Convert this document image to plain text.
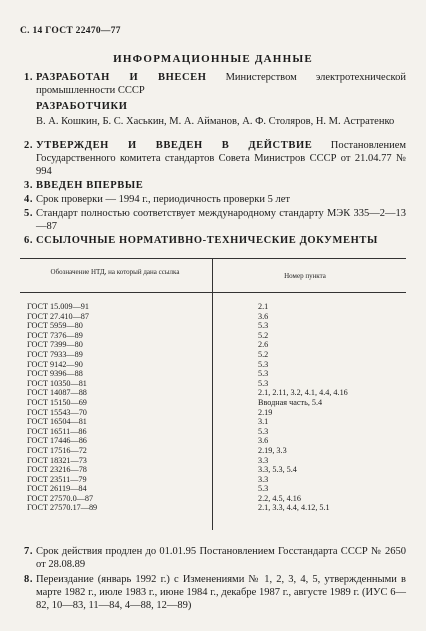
С. 14 ГОСТ 22470—77
ИНФОРМАЦИОННЫЕ ДАННЫЕ
1. РАЗРАБОТАН И ВНЕСЕН Министерством электротехнической промышленности СССР
РАЗРАБОТЧИКИ
В. А. Кошкин, Б. С. Хаськин, М. А. Айманов, А. Ф. Столяров, Н. М. Астратенко
2. УТВЕРЖДЕН И ВВЕДЕН В ДЕЙСТВИЕ Постановлением Государственного комитета стандартов Совета Министров СССР от 21.04.77 № 994
3. ВВЕДЕН ВПЕРВЫЕ
4. Срок проверки — 1994 г., периодичность проверки 5 лет
5. Стандарт полностью соответствует международному стандарту МЭК 335—2—13—87
6. ССЫЛОЧНЫЕ НОРМАТИВНО-ТЕХНИЧЕСКИЕ ДОКУМЕНТЫ
Обозначение НТД, на который дана ссылка	Номер пункта
ГОСТ 15.009—91	2.1
ГОСТ 27.410—87	3.6
ГОСТ 5959—80	5.3
ГОСТ 7376—89	5.2
ГОСТ 7399—80	2.6
ГОСТ 7933—89	5.2
ГОСТ 9142—90	5.3
ГОСТ 9396—88	5.3
ГОСТ 10350—81	5.3
ГОСТ 14087—88	2.1, 2.11, 3.2, 4.1, 4.4, 4.16
ГОСТ 15150—69	Вводная часть, 5.4
ГОСТ 15543—70	2.19
ГОСТ 16504—81	3.1
ГОСТ 16511—86	5.3
ГОСТ 17446—86	3.6
ГОСТ 17516—72	2.19, 3.3
ГОСТ 18321—73	3.3
ГОСТ 23216—78	3.3, 5.3, 5.4
ГОСТ 23511—79	3.3
ГОСТ 26119—84	5.3
ГОСТ 27570.0—87	2.2, 4.5, 4.16
ГОСТ 27570.17—89	2.1, 3.3, 4.4, 4.12, 5.1
7. Срок действия продлен до 01.01.95 Постановлением Госстандарта СССР № 2650 от 28.08.89
8. Переиздание (январь 1992 г.) с Изменениями № 1, 2, 3, 4, 5, утвержденными в марте 1982 г., июле 1983 г., июне 1984 г., декабре 1987 г., августе 1989 г. (ИУС 6—82, 10—83, 11—84, 4—88, 12—89)
